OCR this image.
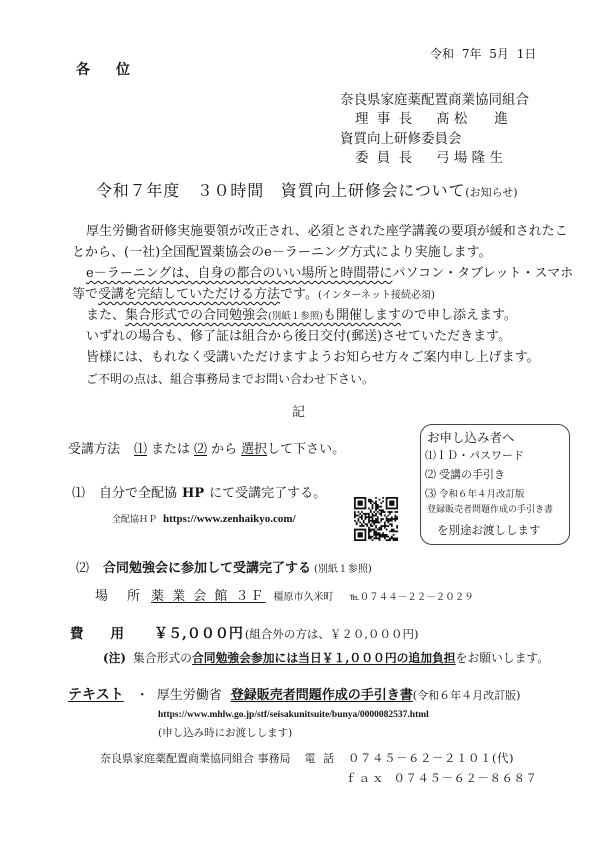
令和 7年 5月 1日
各　位
奈良県家庭薬配置商業協同組合
理 事 長 髙 松　　進
資質向上研修委員会
委 員 長 弓 場 隆 生
令和７年度　３０時間　資質向上研修会について(お知らせ)
厚生労働省研修実施要領が改正され、必須とされた座学講義の要項が緩和されたこ
とから、(一社)全国配置薬協会のe－ラーニング方式により実施します。
e－ラーニングは、自身の都合のいい場所と時間帯にパソコン・タブレット・スマホ
等で受講を完結していただける方法です。(インターネット接続必須)
また、集合形式での合同勉強会(別紙１参照)も開催しますので申し添えます。
いずれの場合も、修了証は組合から後日交付(郵送)させていただきます。
皆様には、もれなく受講いただけますようお知らせ方々ご案内申し上げます。
ご不明の点は、組合事務局までお問い合わせ下さい。
記
お申し込み者へ
⑴ＩＤ・パスワード
⑵ 受講の手引き
⑶ 令和６年４月改訂版
登録販売者問題作成の手引き書
を別途お渡しします
受講方法 ⑴ または ⑵ から 選択して下さい。
⑴ 自分で全配協 HP にて受講完了する。
全配協ＨＰ https://www.zenhaikyo.com/
⑵ 合同勉強会に参加して受講完了する (別紙１参照)
場　所 薬 業 会 館 ３Ｆ 橿原市久米町 ℡０７４４－２２－２０２９
費　　用 ￥５,０００円 (組合外の方は、￥２０,０００円)
(注) 集合形式の合同勉強会参加には当日￥１,０００円の追加負担をお願いします。
テキスト ・ 厚生労働省 登録販売者問題作成の手引き書(令和６年４月改訂版)
https://www.mhlw.go.jp/stf/seisakunitsuite/bunya/0000082537.html
(申し込み時にお渡しします)
奈良県家庭薬配置商業協同組合 事務局 電 話 ０７４５－６２－２１０１(代)
ｆａｘ ０７４５－６２－８６８７
